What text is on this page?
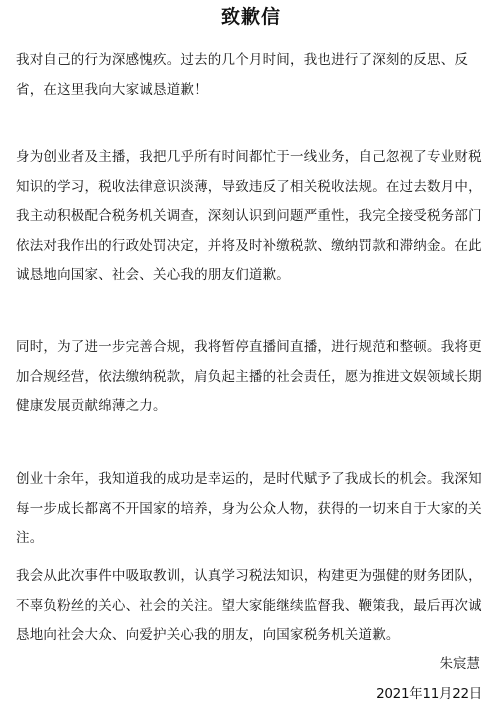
致歉信

我对自己的行为深感愧疚。过去的几个月时间，我也进行了深刻的反思、反
省，在这里我向大家诚恳道歉！

身为创业者及主播，我把几乎所有时间都忙于一线业务，自己忽视了专业财税
知识的学习，税收法律意识淡薄，导致违反了相关税收法规。在过去数月中，
我主动积极配合税务机关调查，深刻认识到问题严重性，我完全接受税务部门
依法对我作出的行政处罚决定，并将及时补缴税款、缴纳罚款和滞纳金。在此
诚恳地向国家、社会、关心我的朋友们道歉。

同时，为了进一步完善合规，我将暂停直播间直播，进行规范和整顿。我将更
加合规经营，依法缴纳税款，肩负起主播的社会责任，愿为推进文娱领域长期
健康发展贡献绵薄之力。

创业十余年，我知道我的成功是幸运的，是时代赋予了我成长的机会。我深知
每一步成长都离不开国家的培养，身为公众人物，获得的一切来自于大家的关
注。

我会从此次事件中吸取教训，认真学习税法知识，构建更为强健的财务团队，
不辜负粉丝的关心、社会的关注。望大家能继续监督我、鞭策我，最后再次诚
恳地向社会大众、向爱护关心我的朋友，向国家税务机关道歉。

朱宸慧
2021年11月22日
